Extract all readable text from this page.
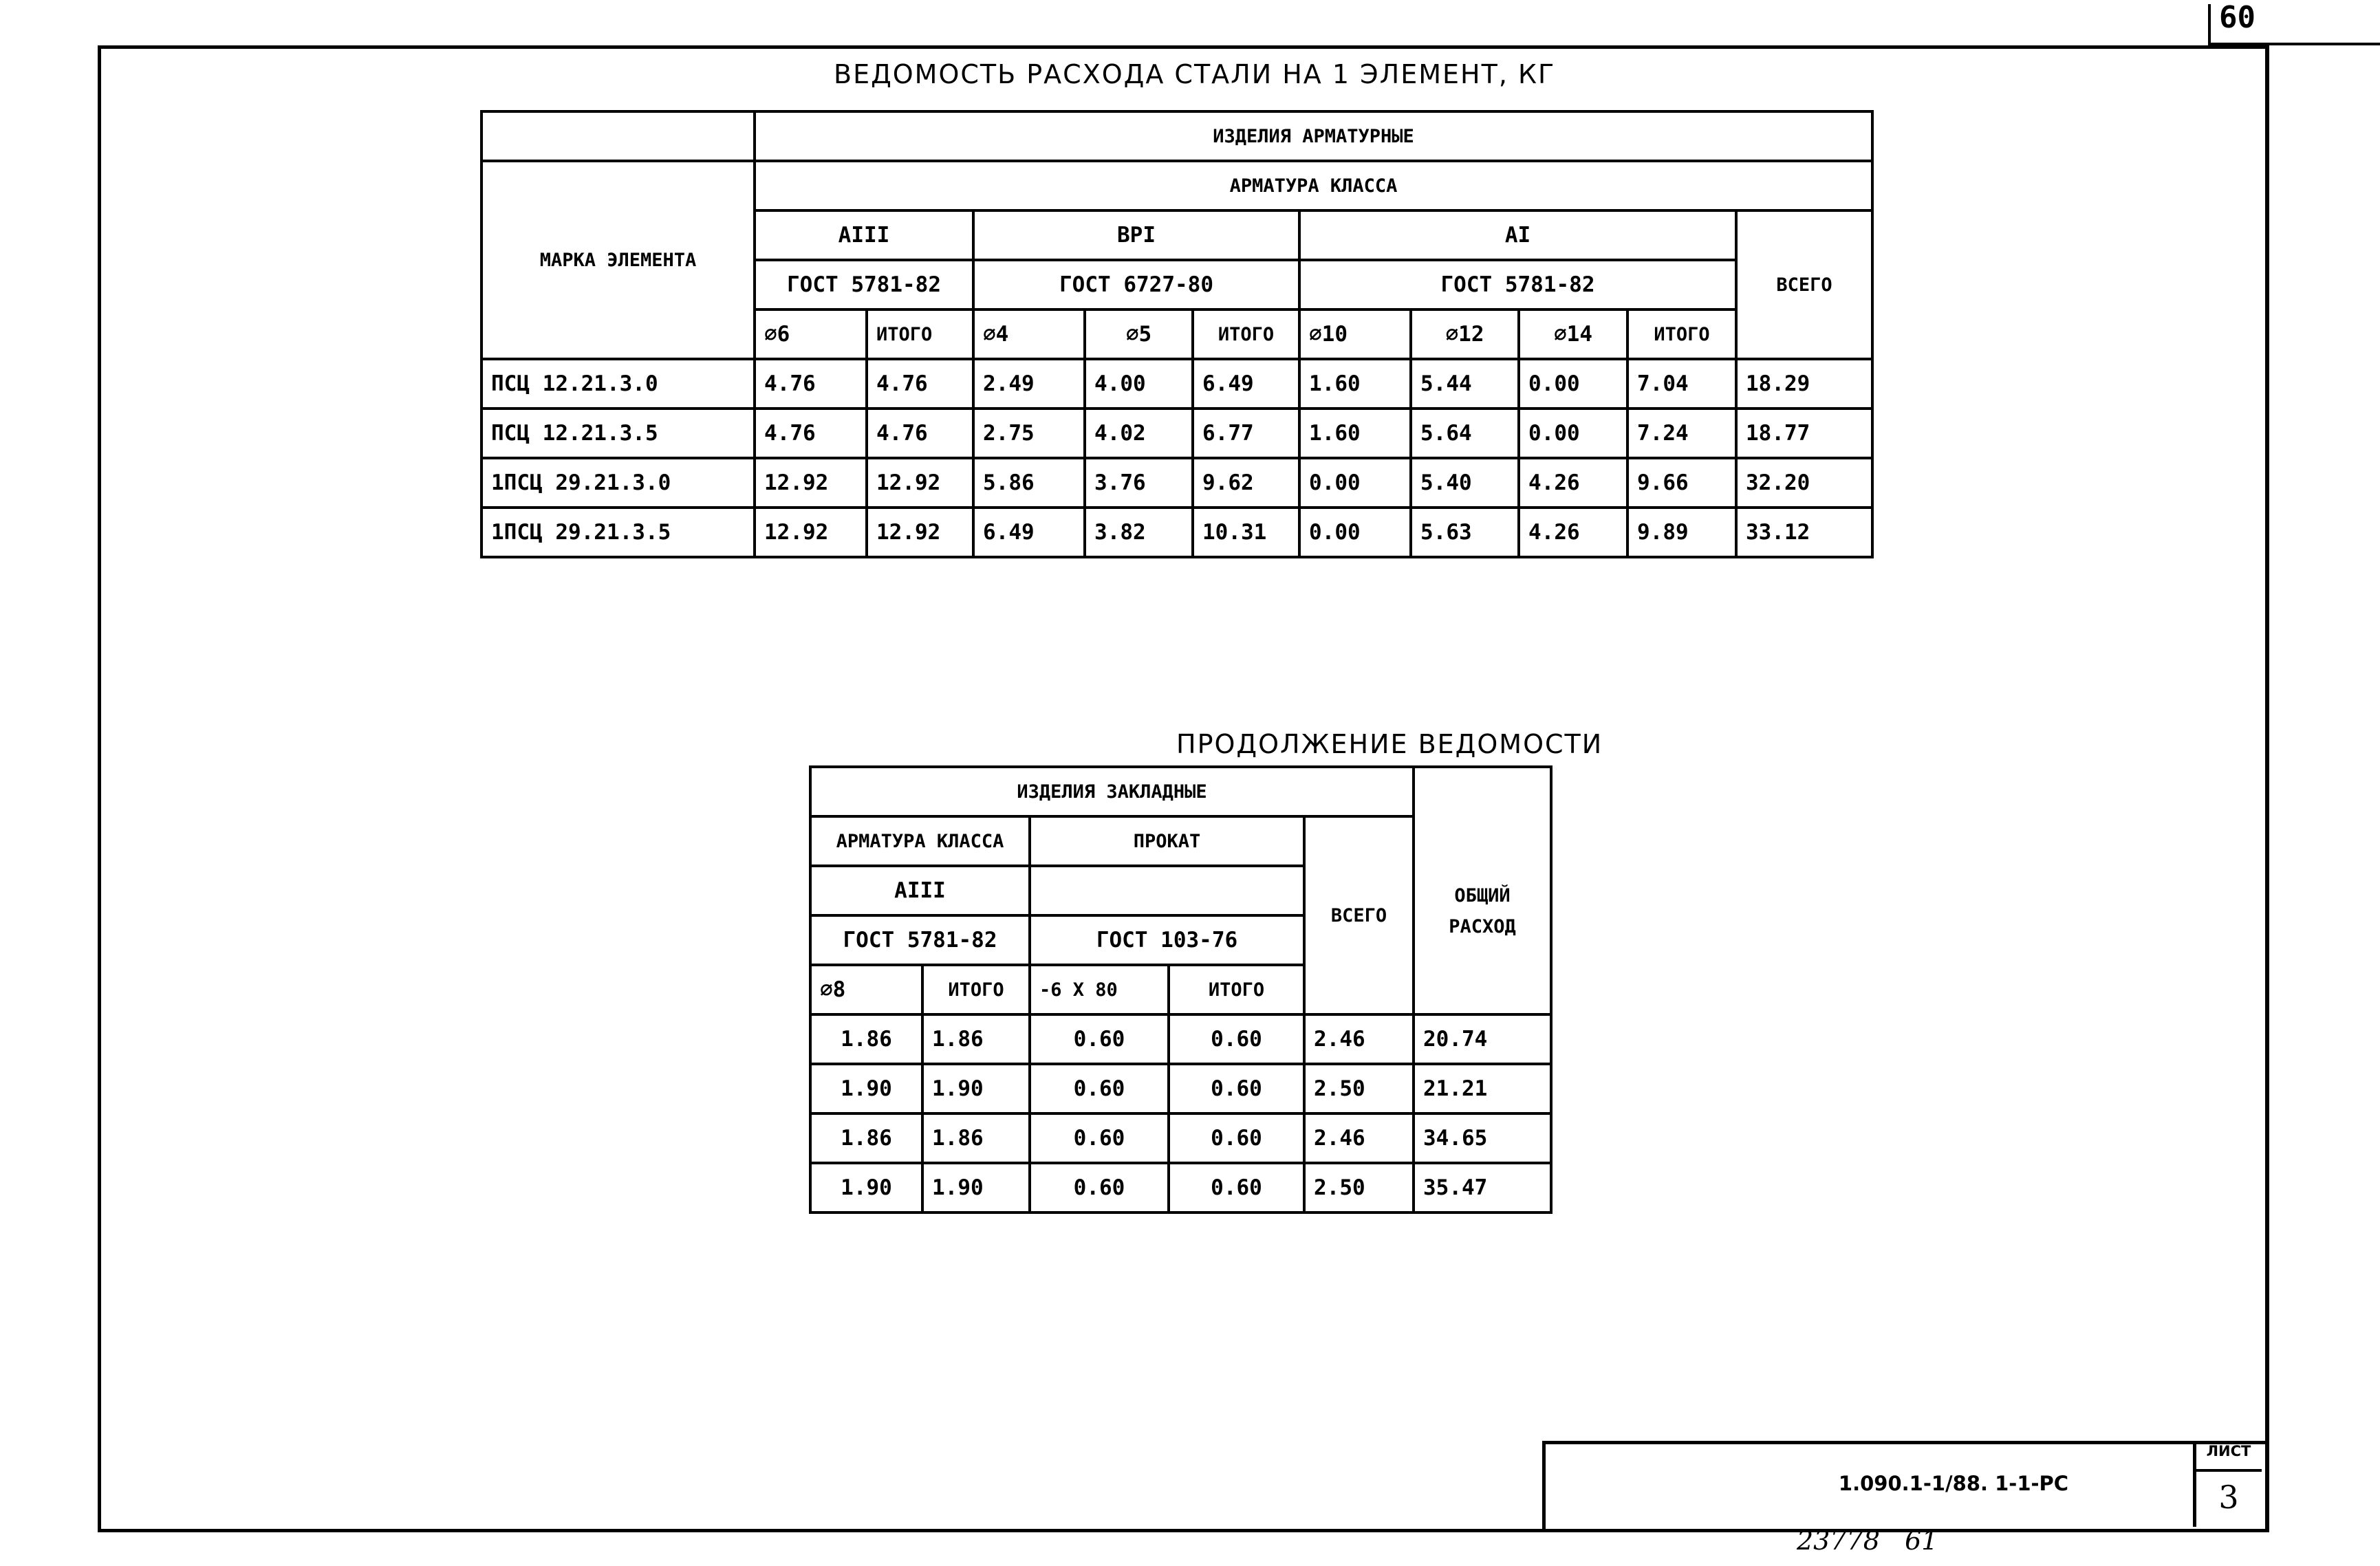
60
ВЕДОМОСТЬ РАСХОДА СТАЛИ НА 1 ЭЛЕМЕНТ, КГ
	ИЗДЕЛИЯ АРМАТУРНЫЕ									
МАРКА ЭЛЕМЕНТА	АРМАТУРА КЛАССА									
	AIII		ВРI			AI				ВСЕГО
	ГОСТ 5781-82		ГОСТ 6727-80			ГОСТ 5781-82				
	∅6	ИТОГО	∅4	∅5	ИТОГО	∅10	∅12	∅14	ИТОГО	
ПСЦ 12.21.3.0	4.76	4.76	2.49	4.00	6.49	1.60	5.44	0.00	7.04	18.29
ПСЦ 12.21.3.5	4.76	4.76	2.75	4.02	6.77	1.60	5.64	0.00	7.24	18.77
1ПСЦ 29.21.3.0	12.92	12.92	5.86	3.76	9.62	0.00	5.40	4.26	9.66	32.20
1ПСЦ 29.21.3.5	12.92	12.92	6.49	3.82	10.31	0.00	5.63	4.26	9.89	33.12
ПРОДОЛЖЕНИЕ ВЕДОМОСТИ
ИЗДЕЛИЯ ЗАКЛАДНЫЕ					ОБЩИЙ
РАСХОД

АРМАТУРА КЛАССА		ПРОКАТ		ВСЕГО	
AIII					
ГОСТ 5781-82		ГОСТ 103-76			
∅8	ИТОГО	-6 Х 80	ИТОГО		
1.86	1.86	0.60	0.60	2.46	20.74
1.90	1.90	0.60	0.60	2.50	21.21
1.86	1.86	0.60	0.60	2.46	34.65
1.90	1.90	0.60	0.60	2.50	35.47
1.090.1-1/88. 1-1-РС
ЛИСТ
3
23778   61
